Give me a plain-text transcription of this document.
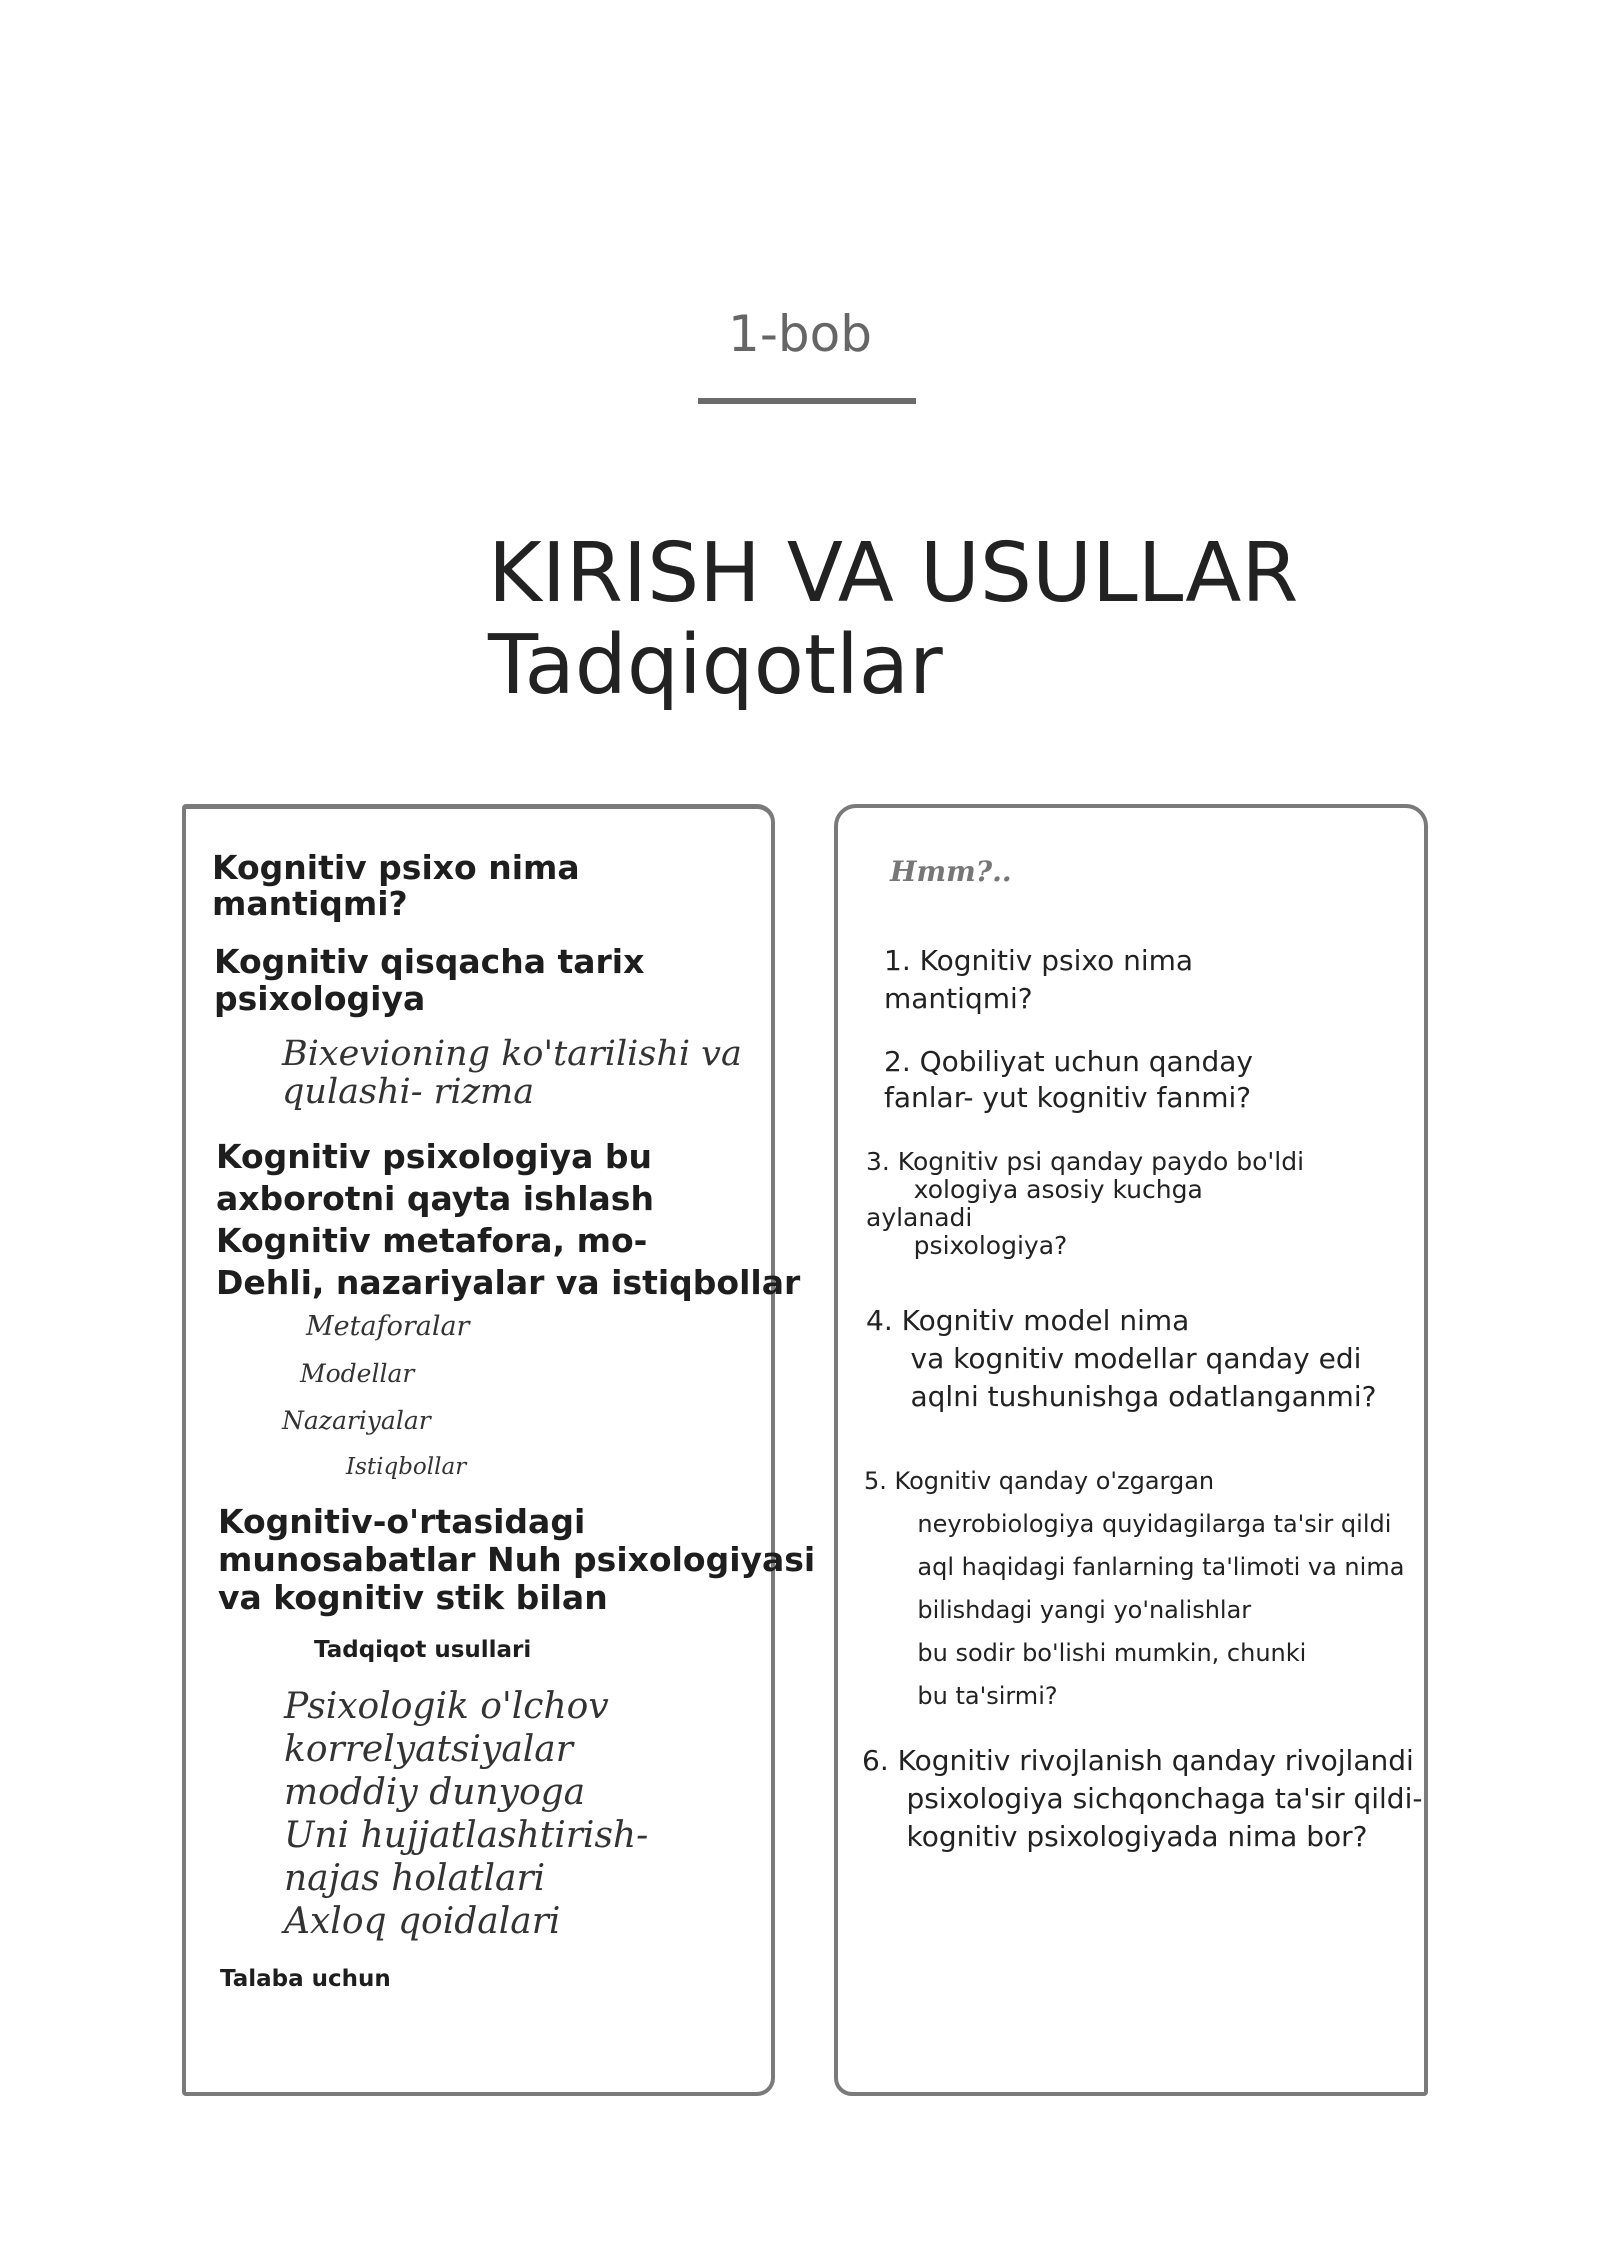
1-bob
KIRISH VA USULLAR
Tadqiqotlar
Kognitiv psixo nima
mantiqmi?
Kognitiv qisqacha tarix
psixologiya
Bixevioning ko'tarilishi va
qulashi- rizma
Kognitiv psixologiya bu
axborotni qayta ishlash
Kognitiv metafora, mo-
Dehli, nazariyalar va istiqbollar
Metaforalar
Modellar
Nazariyalar
Istiqbollar
Kognitiv-o'rtasidagi
munosabatlar Nuh psixologiyasi
va kognitiv stik bilan
Tadqiqot usullari
Psixologik o'lchov
korrelyatsiyalar
moddiy dunyoga
Uni hujjatlashtirish-
najas holatlari
Axloq qoidalari
Talaba uchun
Hmm?..
1. Kognitiv psixo nima
mantiqmi?
2. Qobiliyat uchun qanday
fanlar- yut kognitiv fanmi?
3. Kognitiv psi qanday paydo bo'ldi
xologiya asosiy kuchga
aylanadi
psixologiya?
4. Kognitiv model nima
va kognitiv modellar qanday edi
aqlni tushunishga odatlanganmi?
5. Kognitiv qanday o'zgargan
neyrobiologiya quyidagilarga ta'sir qildi
aql haqidagi fanlarning ta'limoti va nima
bilishdagi yangi yo'nalishlar
bu sodir bo'lishi mumkin, chunki
bu ta'sirmi?
6. Kognitiv rivojlanish qanday rivojlandi
psixologiya sichqonchaga ta'sir qildi-
kognitiv psixologiyada nima bor?
